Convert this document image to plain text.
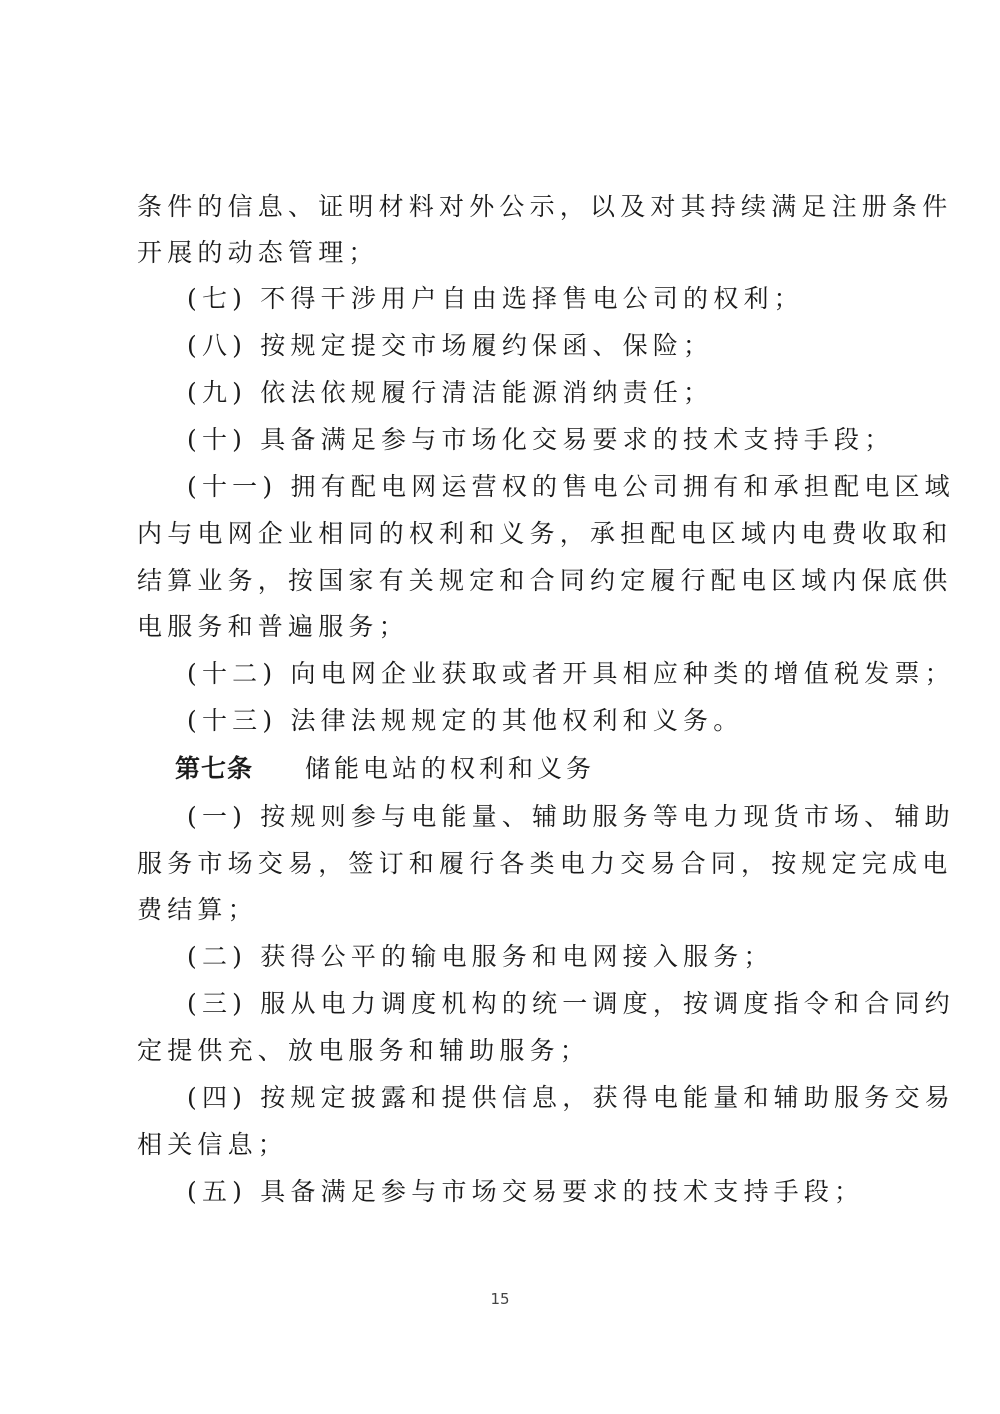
条件的信息、证明材料对外公示，以及对其持续满足注册条件
开展的动态管理；
(七) 不得干涉用户自由选择售电公司的权利；
(八) 按规定提交市场履约保函、保险；
(九) 依法依规履行清洁能源消纳责任；
(十) 具备满足参与市场化交易要求的技术支持手段；
(十一) 拥有配电网运营权的售电公司拥有和承担配电区域
内与电网企业相同的权利和义务，承担配电区域内电费收取和
结算业务，按国家有关规定和合同约定履行配电区域内保底供
电服务和普遍服务；
(十二) 向电网企业获取或者开具相应种类的增值税发票；
(十三) 法律法规规定的其他权利和义务。
第七条 储能电站的权利和义务
(一) 按规则参与电能量、辅助服务等电力现货市场、辅助
服务市场交易，签订和履行各类电力交易合同，按规定完成电
费结算；
(二) 获得公平的输电服务和电网接入服务；
(三) 服从电力调度机构的统一调度，按调度指令和合同约
定提供充、放电服务和辅助服务；
(四) 按规定披露和提供信息，获得电能量和辅助服务交易
相关信息；
(五) 具备满足参与市场交易要求的技术支持手段；
15
